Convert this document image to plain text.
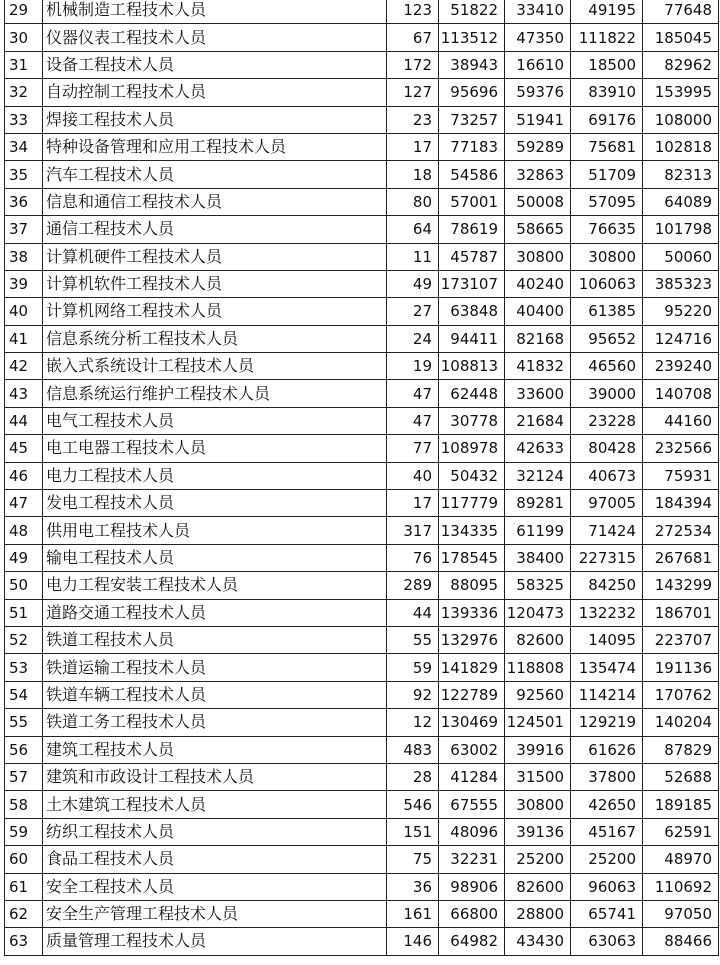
29	机械制造工程技术人员	123	51822	33410	49195	77648
30	仪器仪表工程技术人员	67	113512	47350	111822	185045
31	设备工程技术人员	172	38943	16610	18500	82962
32	自动控制工程技术人员	127	95696	59376	83910	153995
33	焊接工程技术人员	23	73257	51941	69176	108000
34	特种设备管理和应用工程技术人员	17	77183	59289	75681	102818
35	汽车工程技术人员	18	54586	32863	51709	82313
36	信息和通信工程技术人员	80	57001	50008	57095	64089
37	通信工程技术人员	64	78619	58665	76635	101798
38	计算机硬件工程技术人员	11	45787	30800	30800	50060
39	计算机软件工程技术人员	49	173107	40240	106063	385323
40	计算机网络工程技术人员	27	63848	40400	61385	95220
41	信息系统分析工程技术人员	24	94411	82168	95652	124716
42	嵌入式系统设计工程技术人员	19	108813	41832	46560	239240
43	信息系统运行维护工程技术人员	47	62448	33600	39000	140708
44	电气工程技术人员	47	30778	21684	23228	44160
45	电工电器工程技术人员	77	108978	42633	80428	232566
46	电力工程技术人员	40	50432	32124	40673	75931
47	发电工程技术人员	17	117779	89281	97005	184394
48	供用电工程技术人员	317	134335	61199	71424	272534
49	输电工程技术人员	76	178545	38400	227315	267681
50	电力工程安装工程技术人员	289	88095	58325	84250	143299
51	道路交通工程技术人员	44	139336	120473	132232	186701
52	铁道工程技术人员	55	132976	82600	14095	223707
53	铁道运输工程技术人员	59	141829	118808	135474	191136
54	铁道车辆工程技术人员	92	122789	92560	114214	170762
55	铁道工务工程技术人员	12	130469	124501	129219	140204
56	建筑工程技术人员	483	63002	39916	61626	87829
57	建筑和市政设计工程技术人员	28	41284	31500	37800	52688
58	土木建筑工程技术人员	546	67555	30800	42650	189185
59	纺织工程技术人员	151	48096	39136	45167	62591
60	食品工程技术人员	75	32231	25200	25200	48970
61	安全工程技术人员	36	98906	82600	96063	110692
62	安全生产管理工程技术人员	161	66800	28800	65741	97050
63	质量管理工程技术人员	146	64982	43430	63063	88466
